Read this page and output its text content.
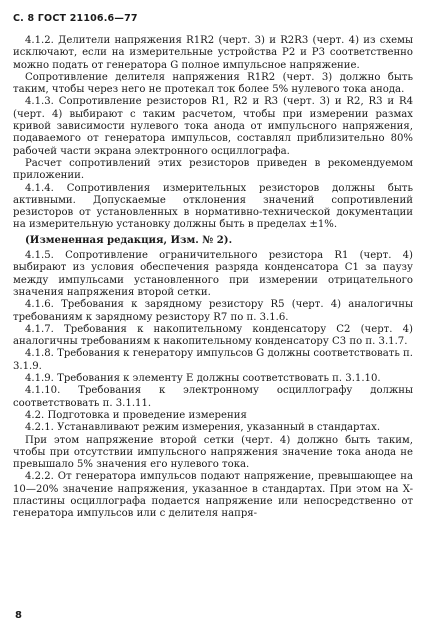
С. 8 ГОСТ 21106.6—77

4.1.2. Делители напряжения R1R2 (черт. 3) и R2R3 (черт. 4) из схемы исключают, если на измерительные устройства P2 и P3 соответственно можно подать от генератора G полное импульсное напряжение.

Сопротивление делителя напряжения R1R2 (черт. 3) должно быть таким, чтобы через него не протекал ток более 5% нулевого тока анода.

4.1.3. Сопротивление резисторов R1, R2 и R3 (черт. 3) и R2, R3 и R4 (черт. 4) выбирают с таким расчетом, чтобы при измерении размах кривой зависимости нулевого тока анода от импульсного напряжения, подаваемого от генератора импульсов, составлял приблизительно 80% рабочей части экрана электронного осциллографа.

Расчет сопротивлений этих резисторов приведен в рекомендуемом приложении.

4.1.4. Сопротивления измерительных резисторов должны быть активными. Допускаемые отклонения значений сопротивлений резисторов от установленных в нормативно-технической документации на измерительную установку должны быть в пределах ±1%.

(Измененная редакция, Изм. № 2).

4.1.5. Сопротивление ограничительного резистора R1 (черт. 4) выбирают из условия обеспечения разряда конденсатора C1 за паузу между импульсами установленного при измерении отрицательного значения напряжения второй сетки.

4.1.6. Требования к зарядному резистору R5 (черт. 4) аналогичны требованиям к зарядному резистору R7 по п. 3.1.6.

4.1.7. Требования к накопительному конденсатору C2 (черт. 4) аналогичны требованиям к накопительному конденсатору C3 по п. 3.1.7.

4.1.8. Требования к генератору импульсов G должны соответствовать п. 3.1.9.

4.1.9. Требования к элементу E должны соответствовать п. 3.1.10.

4.1.10. Требования к электронному осциллографу должны соответствовать п. 3.1.11.

4.2. Подготовка и проведение измерения

4.2.1. Устанавливают режим измерения, указанный в стандартах.

При этом напряжение второй сетки (черт. 4) должно быть таким, чтобы при отсутствии импульсного напряжения значение тока анода не превышало 5% значения его нулевого тока.

4.2.2. От генератора импульсов подают напряжение, превышающее на 10—20% значение напряжения, указанное в стандартах. При этом на X-пластины осциллографа подается напряжение или непосредственно от генератора импульсов или с делителя напря-

8
